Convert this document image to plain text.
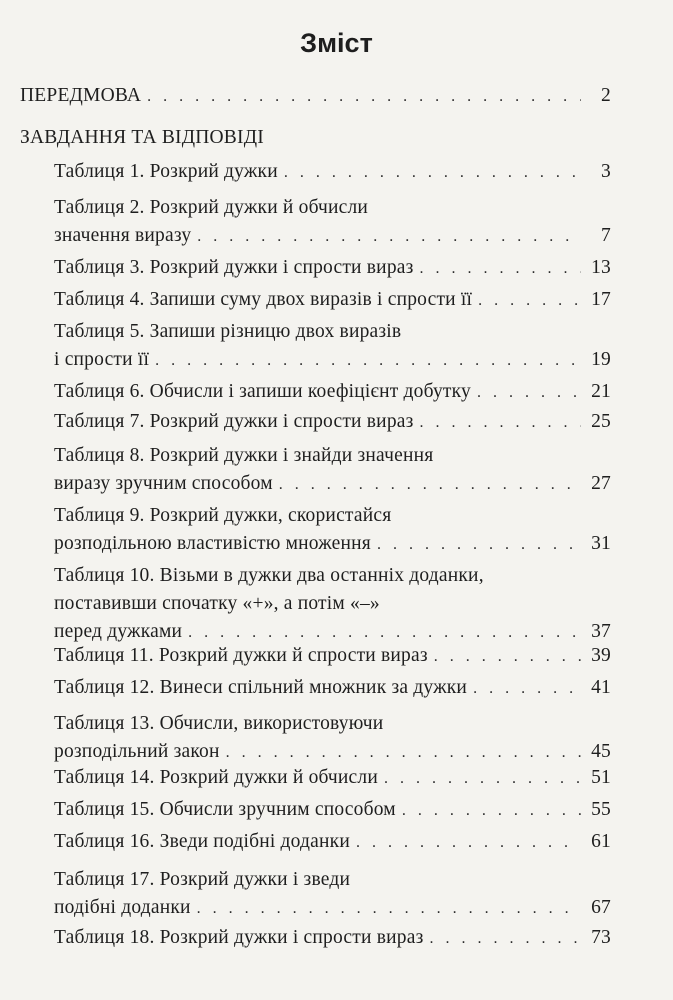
Зміст
ПЕРЕДМОВА . . .	2
ЗАВДАННЯ ТА ВІДПОВІДІ
Таблиця 1. Розкрий дужки . . .	3
Таблиця 2. Розкрий дужки й обчисли
значення виразу . . .	7
Таблиця 3. Розкрий дужки і спрости вираз . . .	13
Таблиця 4. Запиши суму двох виразів і спрости її . . .	17
Таблиця 5. Запиши різницю двох виразів
і спрости її . . .	19
Таблиця 6. Обчисли і запиши коефіцієнт добутку . . .	21
Таблиця 7. Розкрий дужки і спрости вираз . . .	25
Таблиця 8. Розкрий дужки і знайди значення
виразу зручним способом . . .	27
Таблиця 9. Розкрий дужки, скористайся
розподільною властивістю множення . . .	31
Таблиця 10. Візьми в дужки два останніх доданки,
поставивши спочатку «+», а потім «–»
перед дужками . . .	37
Таблиця 11. Розкрий дужки й спрости вираз . . .	39
Таблиця 12. Винеси спільний множник за дужки . . .	41
Таблиця 13. Обчисли, використовуючи
розподільний закон . . .	45
Таблиця 14. Розкрий дужки й обчисли . . .	51
Таблиця 15. Обчисли зручним способом . . .	55
Таблиця 16. Зведи подібні доданки . . .	61
Таблиця 17. Розкрий дужки і зведи
подібні доданки . . .	67
Таблиця 18. Розкрий дужки і спрости вираз . . .	73
